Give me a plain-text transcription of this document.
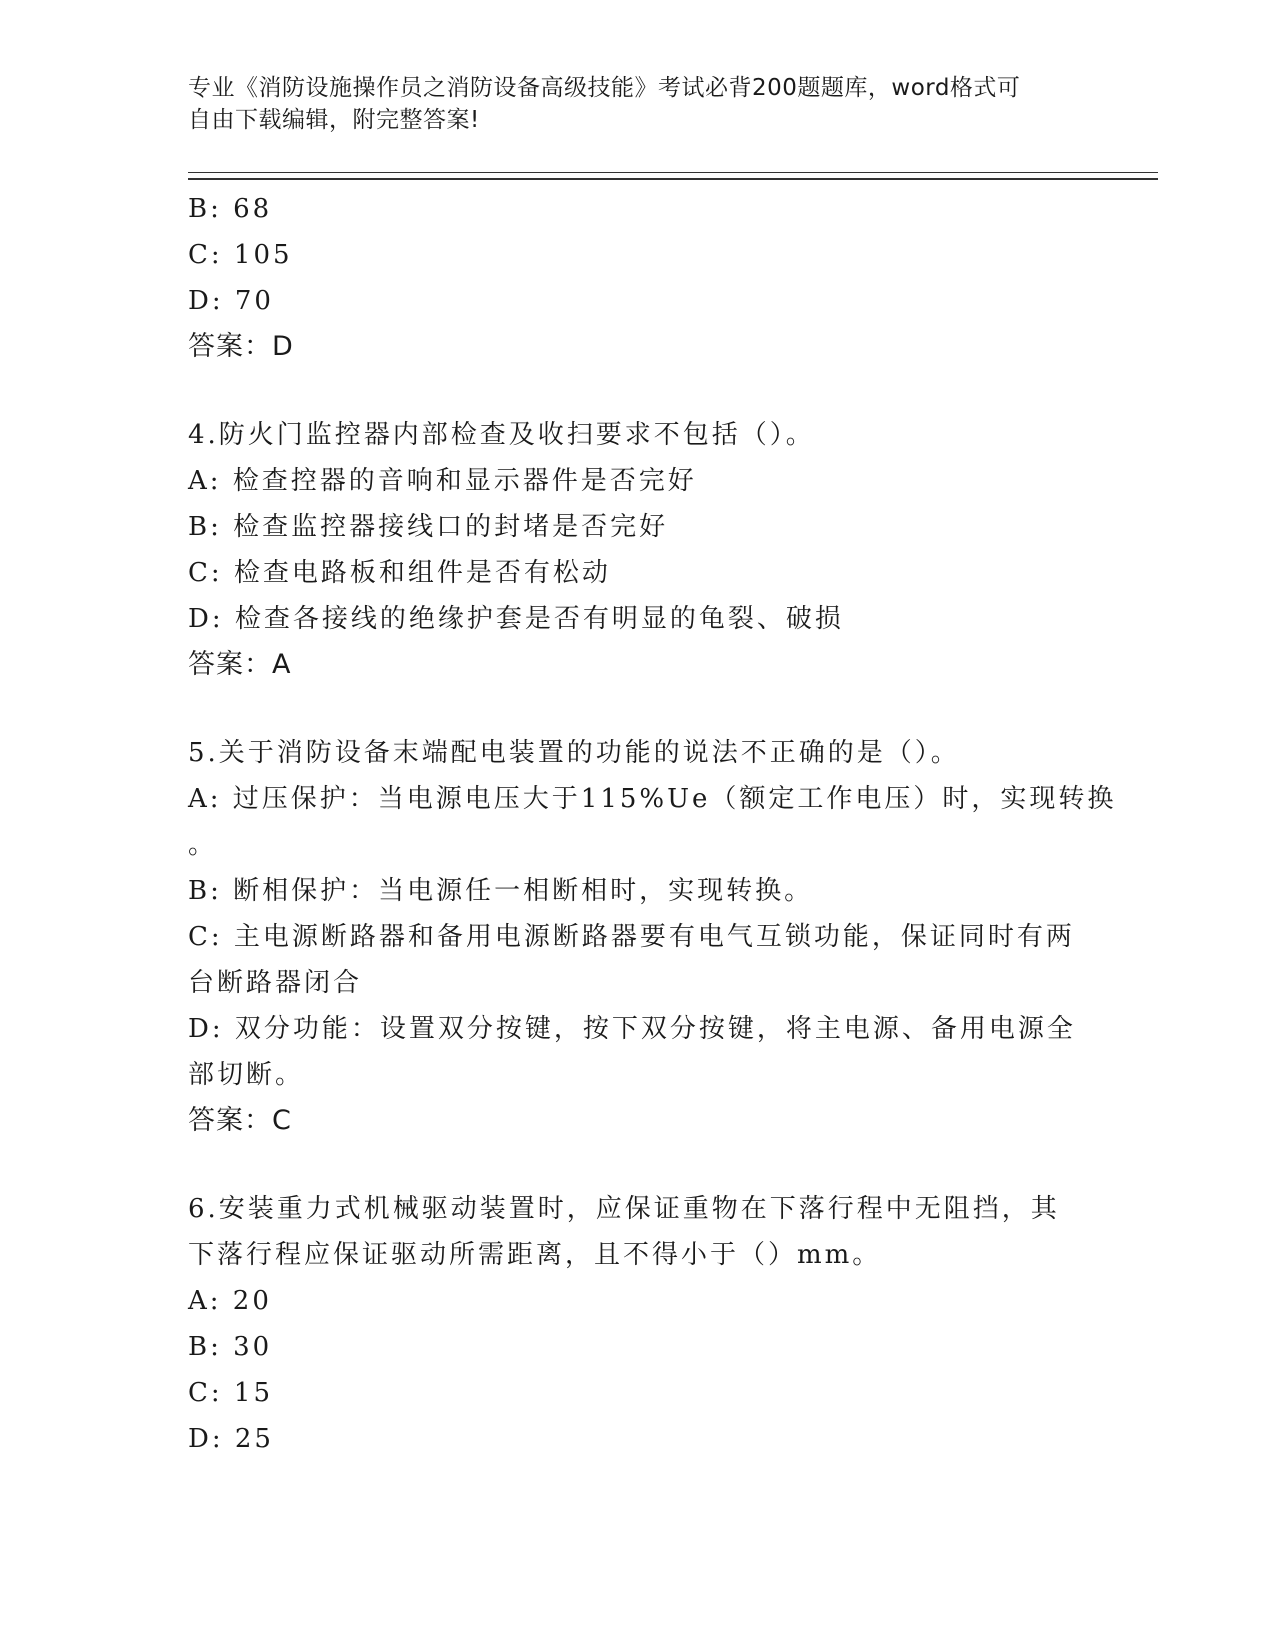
专业《消防设施操作员之消防设备高级技能》考试必背200题题库，word格式可
自由下载编辑，附完整答案!
B: 68
C: 105
D: 70
答案：D
4.防火门监控器内部检查及收扫要求不包括（）。
A: 检查控器的音响和显示器件是否完好
B: 检查监控器接线口的封堵是否完好
C: 检查电路板和组件是否有松动
D: 检查各接线的绝缘护套是否有明显的龟裂、破损
答案：A
5.关于消防设备末端配电装置的功能的说法不正确的是（）。
A: 过压保护：当电源电压大于115%Ue（额定工作电压）时，实现转换
。
B: 断相保护：当电源任一相断相时，实现转换。
C: 主电源断路器和备用电源断路器要有电气互锁功能，保证同时有两
台断路器闭合
D: 双分功能：设置双分按键，按下双分按键，将主电源、备用电源全
部切断。
答案：C
6.安装重力式机械驱动装置时，应保证重物在下落行程中无阻挡，其
下落行程应保证驱动所需距离，且不得小于（）mm。
A: 20
B: 30
C: 15
D: 25
